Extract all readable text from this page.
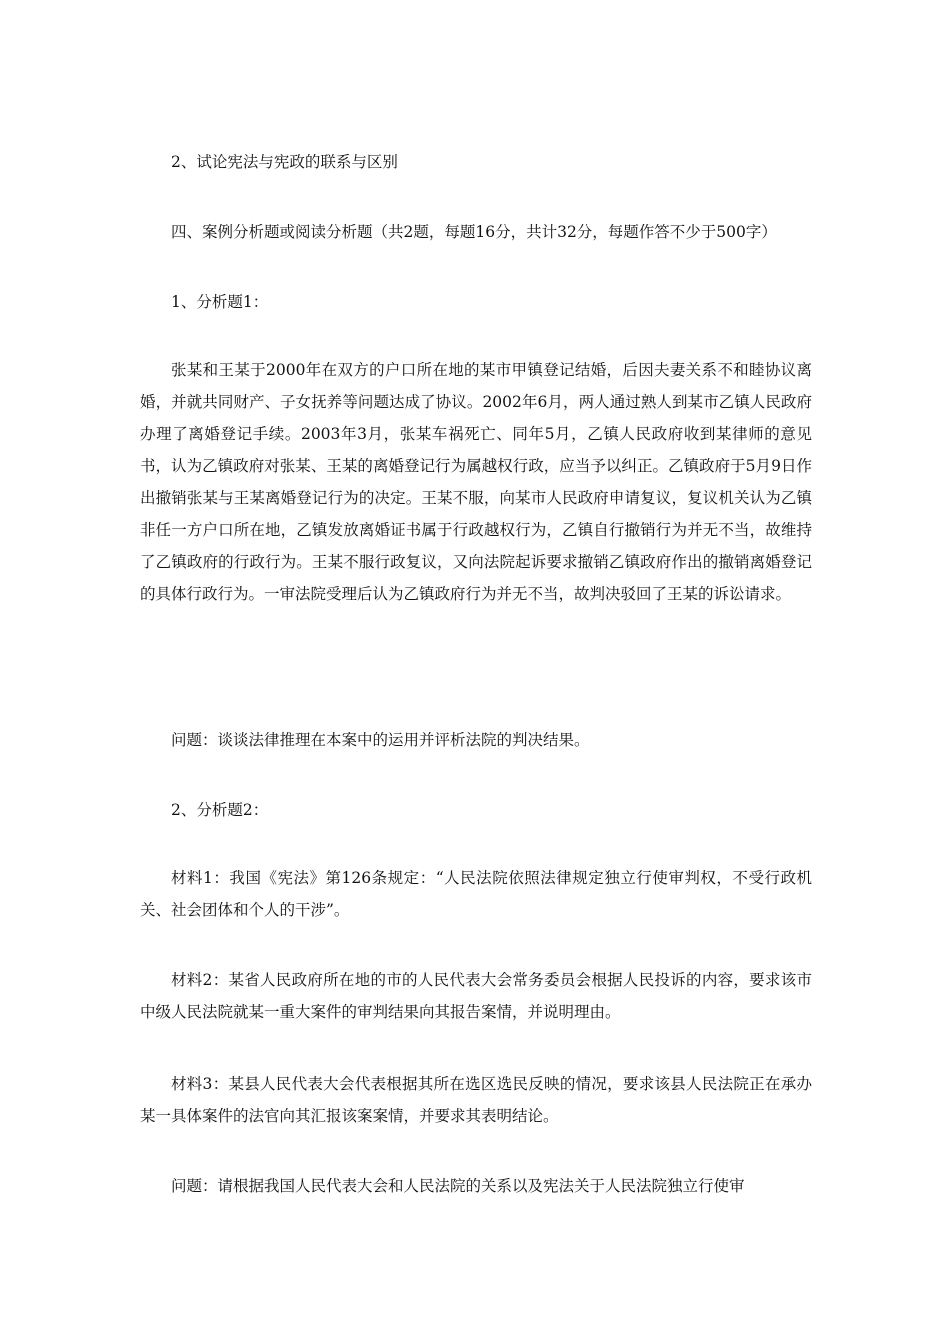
2、试论宪法与宪政的联系与区别

四、案例分析题或阅读分析题（共2题，每题16分，共计32分，每题作答不少于500字）

1、分析题1：

张某和王某于2000年在双方的户口所在地的某市甲镇登记结婚，后因夫妻关系不和睦协议离婚，并就共同财产、子女抚养等问题达成了协议。2002年6月，两人通过熟人到某市乙镇人民政府办理了离婚登记手续。2003年3月，张某车祸死亡、同年5月，乙镇人民政府收到某律师的意见书，认为乙镇政府对张某、王某的离婚登记行为属越权行政，应当予以纠正。乙镇政府于5月9日作出撤销张某与王某离婚登记行为的决定。王某不服，向某市人民政府申请复议，复议机关认为乙镇非任一方户口所在地，乙镇发放离婚证书属于行政越权行为，乙镇自行撤销行为并无不当，故维持了乙镇政府的行政行为。王某不服行政复议，又向法院起诉要求撤销乙镇政府作出的撤销离婚登记的具体行政行为。一审法院受理后认为乙镇政府行为并无不当，故判决驳回了王某的诉讼请求。

问题：谈谈法律推理在本案中的运用并评析法院的判决结果。

2、分析题2：

材料1：我国《宪法》第126条规定：“人民法院依照法律规定独立行使审判权，不受行政机关、社会团体和个人的干涉”。

材料2：某省人民政府所在地的市的人民代表大会常务委员会根据人民投诉的内容，要求该市中级人民法院就某一重大案件的审判结果向其报告案情，并说明理由。

材料3：某县人民代表大会代表根据其所在选区选民反映的情况，要求该县人民法院正在承办某一具体案件的法官向其汇报该案案情，并要求其表明结论。

问题：请根据我国人民代表大会和人民法院的关系以及宪法关于人民法院独立行使审
